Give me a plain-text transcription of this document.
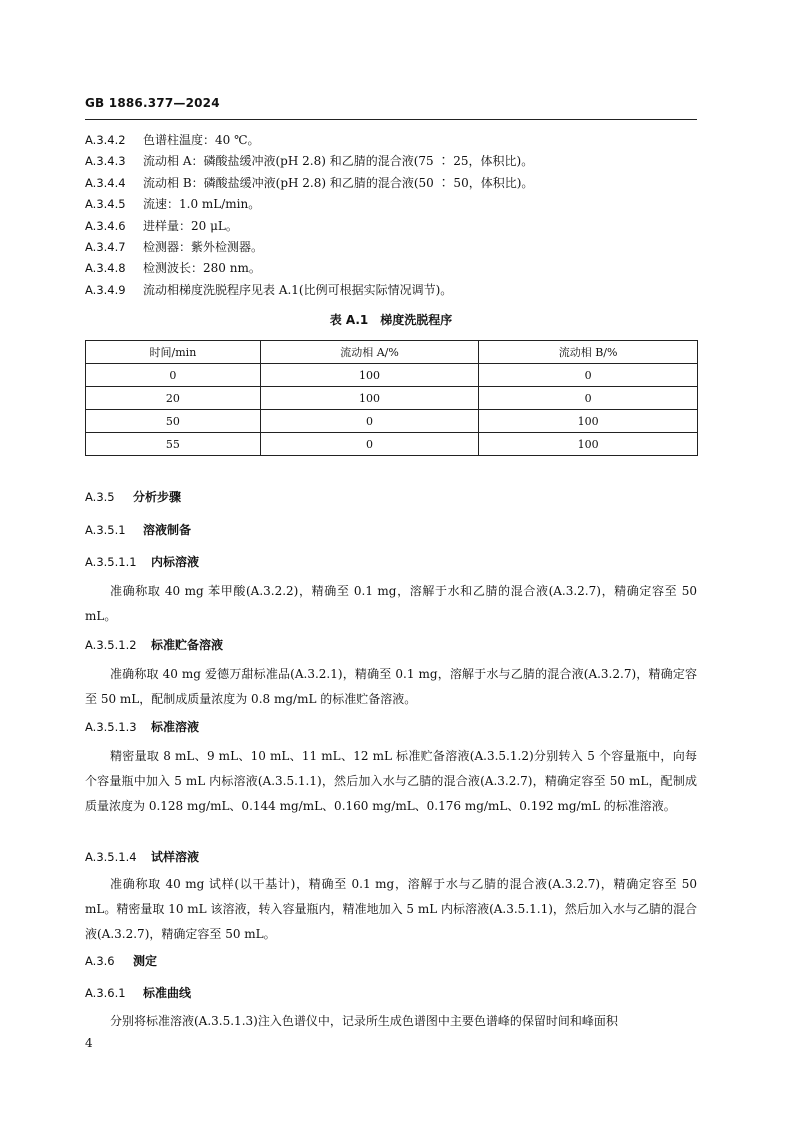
GB 1886.377—2024
A.3.4.2 色谱柱温度：40 ℃。
A.3.4.3 流动相 A：磷酸盐缓冲液(pH 2.8) 和乙腈的混合液(75 ∶ 25，体积比)。
A.3.4.4 流动相 B：磷酸盐缓冲液(pH 2.8) 和乙腈的混合液(50 ∶ 50，体积比)。
A.3.4.5 流速：1.0 mL/min。
A.3.4.6 进样量：20 μL。
A.3.4.7 检测器：紫外检测器。
A.3.4.8 检测波长：280 nm。
A.3.4.9 流动相梯度洗脱程序见表 A.1(比例可根据实际情况调节)。
表 A.1　梯度洗脱程序
时间/min	流动相 A/%	流动相 B/%
0	100	0
20	100	0
50	0	100
55	0	100
A.3.5 分析步骤
A.3.5.1 溶液制备
A.3.5.1.1 内标溶液
准确称取 40 mg 苯甲酸(A.3.2.2)，精确至 0.1 mg，溶解于水和乙腈的混合液(A.3.2.7)，精确定容至 50 mL。
A.3.5.1.2 标准贮备溶液
准确称取 40 mg 爱德万甜标准品(A.3.2.1)，精确至 0.1 mg，溶解于水与乙腈的混合液(A.3.2.7)，精确定容至 50 mL，配制成质量浓度为 0.8 mg/mL 的标准贮备溶液。
A.3.5.1.3 标准溶液
精密量取 8 mL、9 mL、10 mL、11 mL、12 mL 标准贮备溶液(A.3.5.1.2)分别转入 5 个容量瓶中，向每个容量瓶中加入 5 mL 内标溶液(A.3.5.1.1)，然后加入水与乙腈的混合液(A.3.2.7)，精确定容至 50 mL，配制成质量浓度为 0.128 mg/mL、0.144 mg/mL、0.160 mg/mL、0.176 mg/mL、0.192 mg/mL 的标准溶液。
A.3.5.1.4 试样溶液
准确称取 40 mg 试样(以干基计)，精确至 0.1 mg，溶解于水与乙腈的混合液(A.3.2.7)，精确定容至 50 mL。精密量取 10 mL 该溶液，转入容量瓶内，精准地加入 5 mL 内标溶液(A.3.5.1.1)，然后加入水与乙腈的混合液(A.3.2.7)，精确定容至 50 mL。
A.3.6 测定
A.3.6.1 标准曲线
分别将标准溶液(A.3.5.1.3)注入色谱仪中，记录所生成色谱图中主要色谱峰的保留时间和峰面积
4
